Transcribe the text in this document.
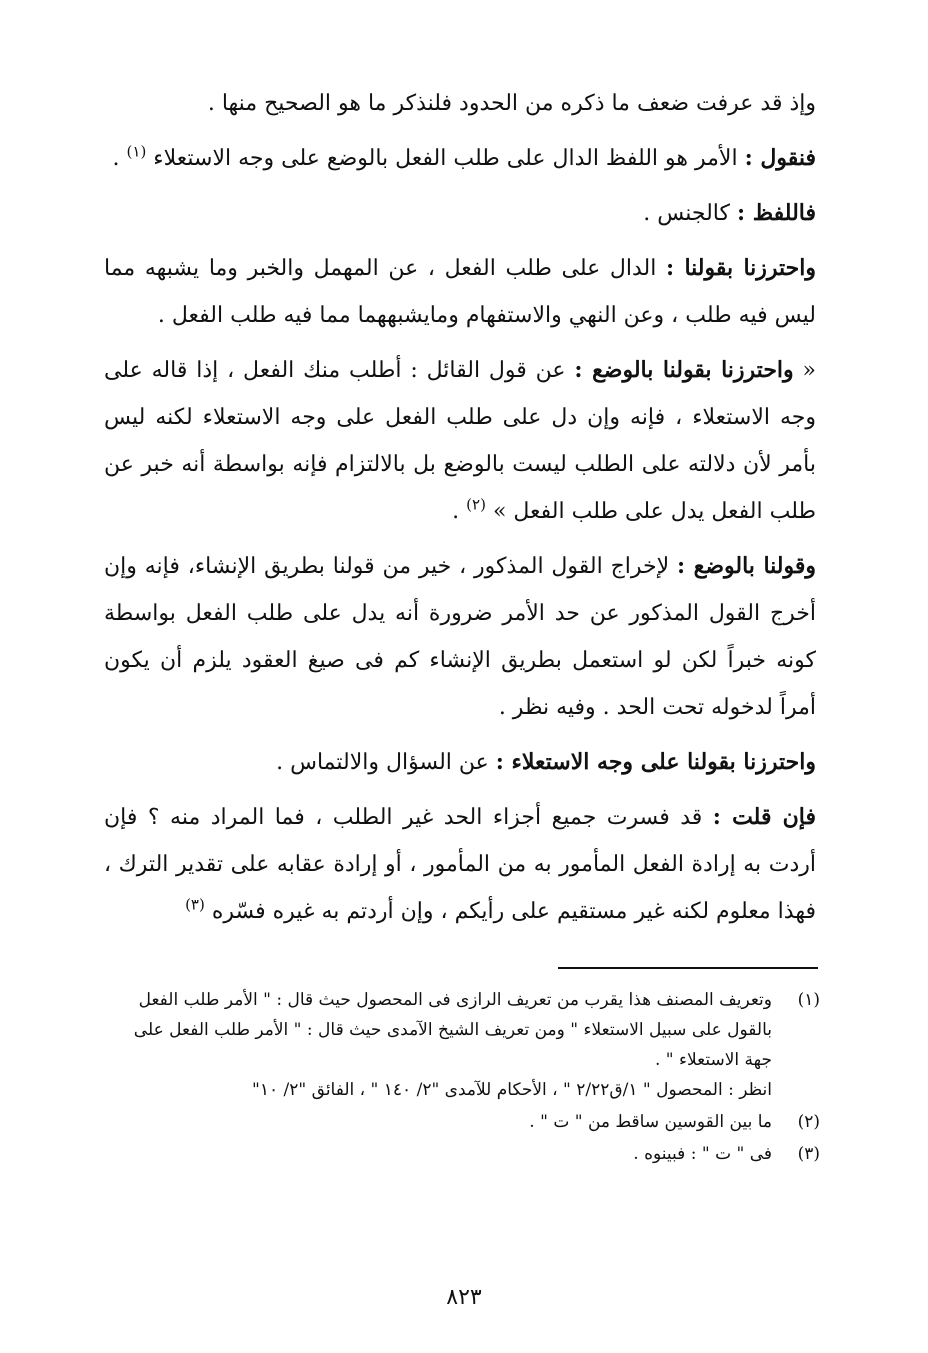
وإذ قد عرفت ضعف ما ذكره من الحدود فلنذكر ما هو الصحيح منها .

فنقول : الأمر هو اللفظ الدال على طلب الفعل بالوضع على وجه الاستعلاء $^{(١)}$ .

فاللفظ : كالجنس .

واحترزنا بقولنا : الدال على طلب الفعل ، عن المهمل والخبر وما يشبهه مما ليس فيه طلب ، وعن النهي والاستفهام ومايشبههما مما فيه طلب الفعل .

« واحترزنا بقولنا بالوضع : عن قول القائل : أطلب منك الفعل ، إذا قاله على وجه الاستعلاء ، فإنه وإن دل على طلب الفعل على وجه الاستعلاء لكنه ليس بأمر لأن دلالته على الطلب ليست بالوضع بل بالالتزام فإنه بواسطة أنه خبر عن طلب الفعل يدل على طلب الفعل » $^{(٢)}$ .

وقولنا بالوضع : لإخراج القول المذكور ، خير من قولنا بطريق الإنشاء، فإنه وإن أخرج القول المذكور عن حد الأمر ضرورة أنه يدل على طلب الفعل بواسطة كونه خبراً لكن لو استعمل بطريق الإنشاء كم فى صيغ العقود يلزم أن يكون أمراً لدخوله تحت الحد . وفيه نظر .

واحترزنا بقولنا على وجه الاستعلاء : عن السؤال والالتماس .

فإن قلت : قد فسرت جميع أجزاء الحد غير الطلب ، فما المراد منه ؟ فإن أردت به إرادة الفعل المأمور به من المأمور ، أو إرادة عقابه على تقدير الترك ، فهذا معلوم لكنه غير مستقيم على رأيكم ، وإن أردتم به غيره فسّره $^{(٣)}$

(١)
وتعريف المصنف هذا يقرب من تعريف الرازى فى المحصول حيث قال : " الأمر طلب الفعل بالقول على سبيل الاستعلاء " ومن تعريف الشيخ الآمدى حيث قال : " الأمر طلب الفعل على جهة الاستعلاء " .
انظر : المحصول " ١/ق٢/٢٢ " ، الأحكام للآمدى "٢/ ١٤٠ " ، الفائق "٢/ ١٠"

(٢)
ما بين القوسين ساقط من " ت " .

(٣)
فى " ت " : فبينوه .

٨٢٣
